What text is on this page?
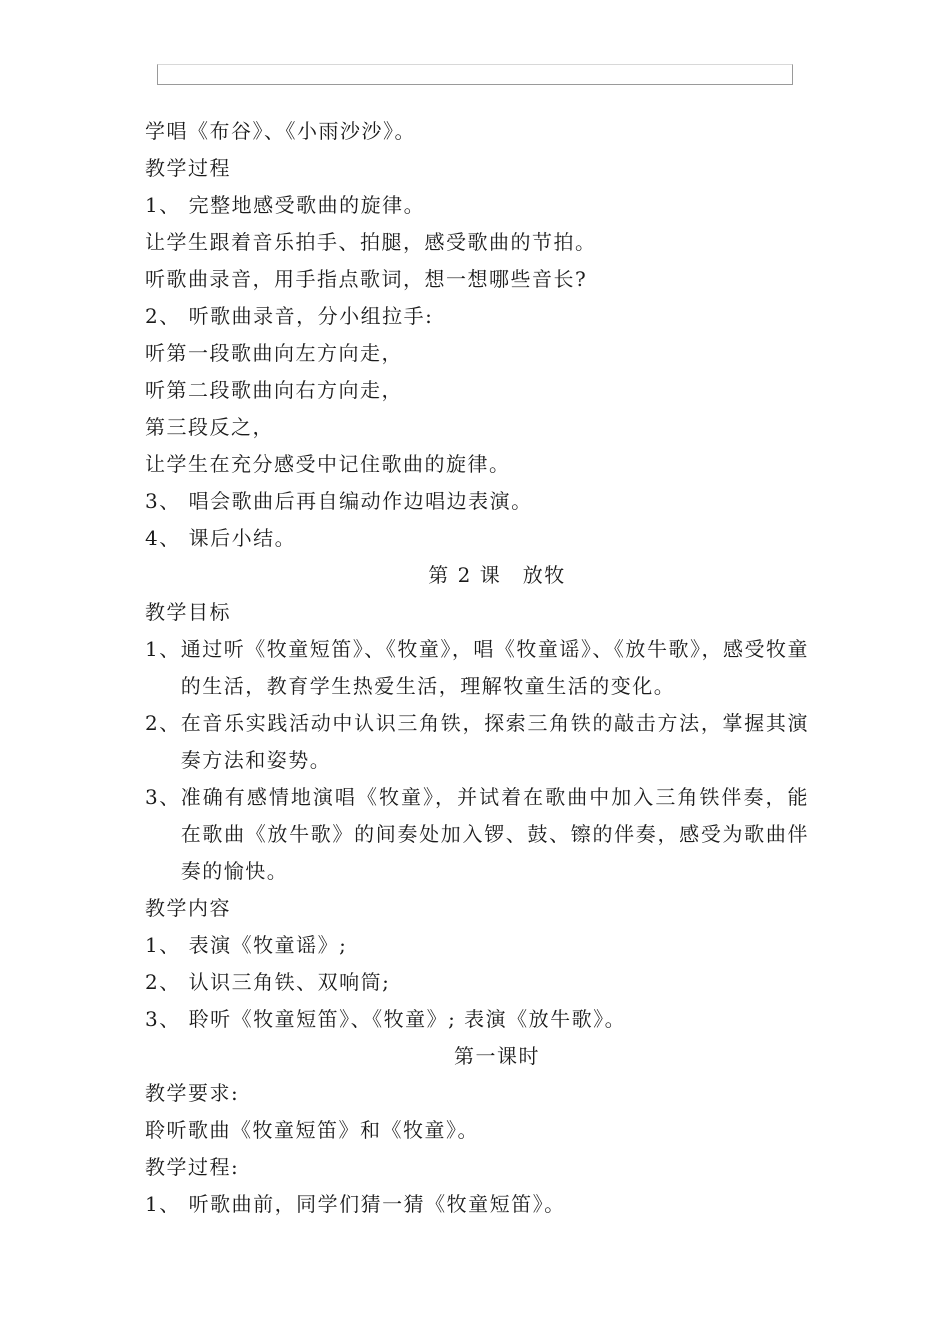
学唱《布谷》、《小雨沙沙》。
教学过程
1、 完整地感受歌曲的旋律。
让学生跟着音乐拍手、拍腿，感受歌曲的节拍。
听歌曲录音，用手指点歌词，想一想哪些音长?
2、 听歌曲录音，分小组拉手:
听第一段歌曲向左方向走，
听第二段歌曲向右方向走，
第三段反之，
让学生在充分感受中记住歌曲的旋律。
3、 唱会歌曲后再自编动作边唱边表演。
4、 课后小结。
第 2 课　放牧
教学目标
1、 通过听《牧童短笛》、《牧童》，唱《牧童谣》、《放牛歌》，感受牧童的生活，教育学生热爱生活，理解牧童生活的变化。
2、 在音乐实践活动中认识三角铁，探索三角铁的敲击方法，掌握其演奏方法和姿势。
3、 准确有感情地演唱《牧童》，并试着在歌曲中加入三角铁伴奏，能在歌曲《放牛歌》的间奏处加入锣、鼓、镲的伴奏，感受为歌曲伴奏的愉快。
教学内容
1、 表演《牧童谣》;
2、 认识三角铁、双响筒;
3、 聆听《牧童短笛》、《牧童》; 表演《放牛歌》。
第一课时
教学要求:
聆听歌曲《牧童短笛》和《牧童》。
教学过程:
1、 听歌曲前，同学们猜一猜《牧童短笛》。
